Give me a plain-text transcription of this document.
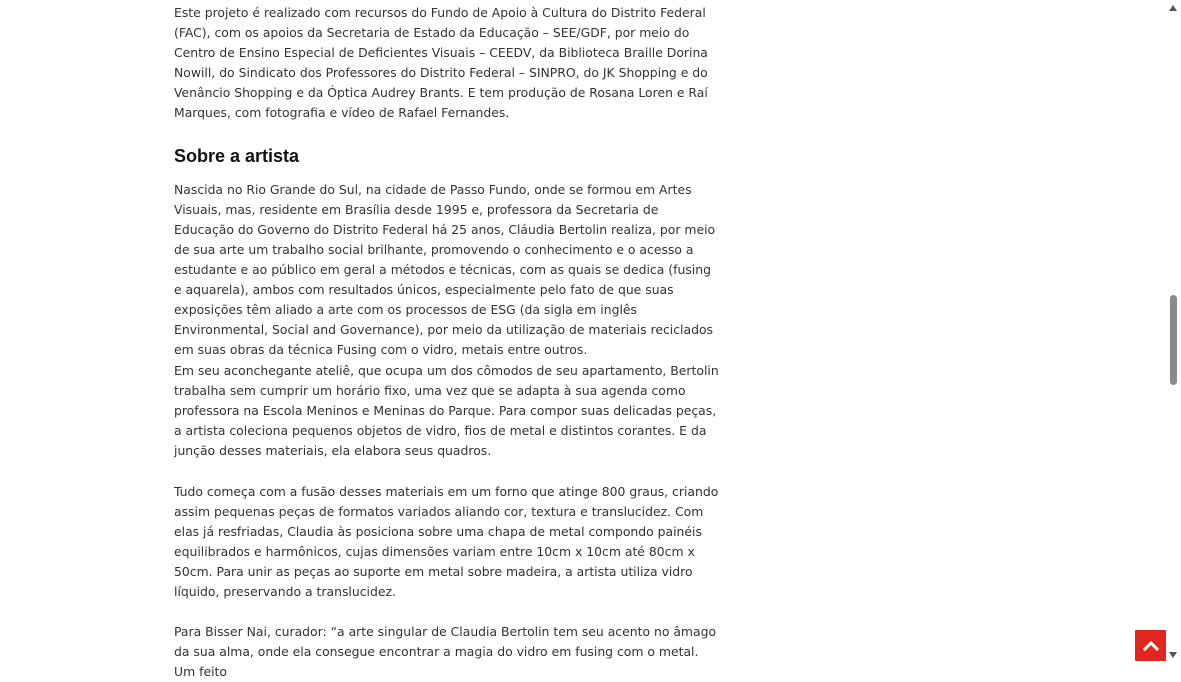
Este projeto é realizado com recursos do Fundo de Apoio à Cultura do Distrito Federal (FAC), com os apoios da Secretaria de Estado da Educação – SEE/GDF, por meio do Centro de Ensino Especial de Deficientes Visuais – CEEDV, da Biblioteca Braille Dorina Nowill, do Sindicato dos Professores do Distrito Federal – SINPRO, do JK Shopping e do Venâncio Shopping e da Óptica Audrey Brants. E tem produção de Rosana Loren e Raí Marques, com fotografia e vídeo de Rafael Fernandes.

Sobre a artista

Nascida no Rio Grande do Sul, na cidade de Passo Fundo, onde se formou em Artes Visuais, mas, residente em Brasília desde 1995 e, professora da Secretaria de Educação do Governo do Distrito Federal há 25 anos, Cláudia Bertolin realiza, por meio de sua arte um trabalho social brilhante, promovendo o conhecimento e o acesso a estudante e ao público em geral a métodos e técnicas, com as quais se dedica (fusing e aquarela), ambos com resultados únicos, especialmente pelo fato de que suas exposições têm aliado a arte com os processos de ESG (da sigla em inglês Environmental, Social and Governance), por meio da utilização de materiais reciclados em suas obras da técnica Fusing com o vidro, metais entre outros.

Em seu aconchegante ateliê, que ocupa um dos cômodos de seu apartamento, Bertolin trabalha sem cumprir um horário fixo, uma vez que se adapta à sua agenda como professora na Escola Meninos e Meninas do Parque. Para compor suas delicadas peças, a artista coleciona pequenos objetos de vidro, fios de metal e distintos corantes. E da junção desses materiais, ela elabora seus quadros.

Tudo começa com a fusão desses materiais em um forno que atinge 800 graus, criando assim pequenas peças de formatos variados aliando cor, textura e translucidez. Com elas já resfriadas, Claudia às posiciona sobre uma chapa de metal compondo painéis equilibrados e harmônicos, cujas dimensões variam entre 10cm x 10cm até 80cm x 50cm. Para unir as peças ao suporte em metal sobre madeira, a artista utiliza vidro líquido, preservando a translucidez.

Para Bisser Nai, curador: “a arte singular de Claudia Bertolin tem seu acento no âmago da sua alma, onde ela consegue encontrar a magia do vidro em fusing com o metal. Um feito
